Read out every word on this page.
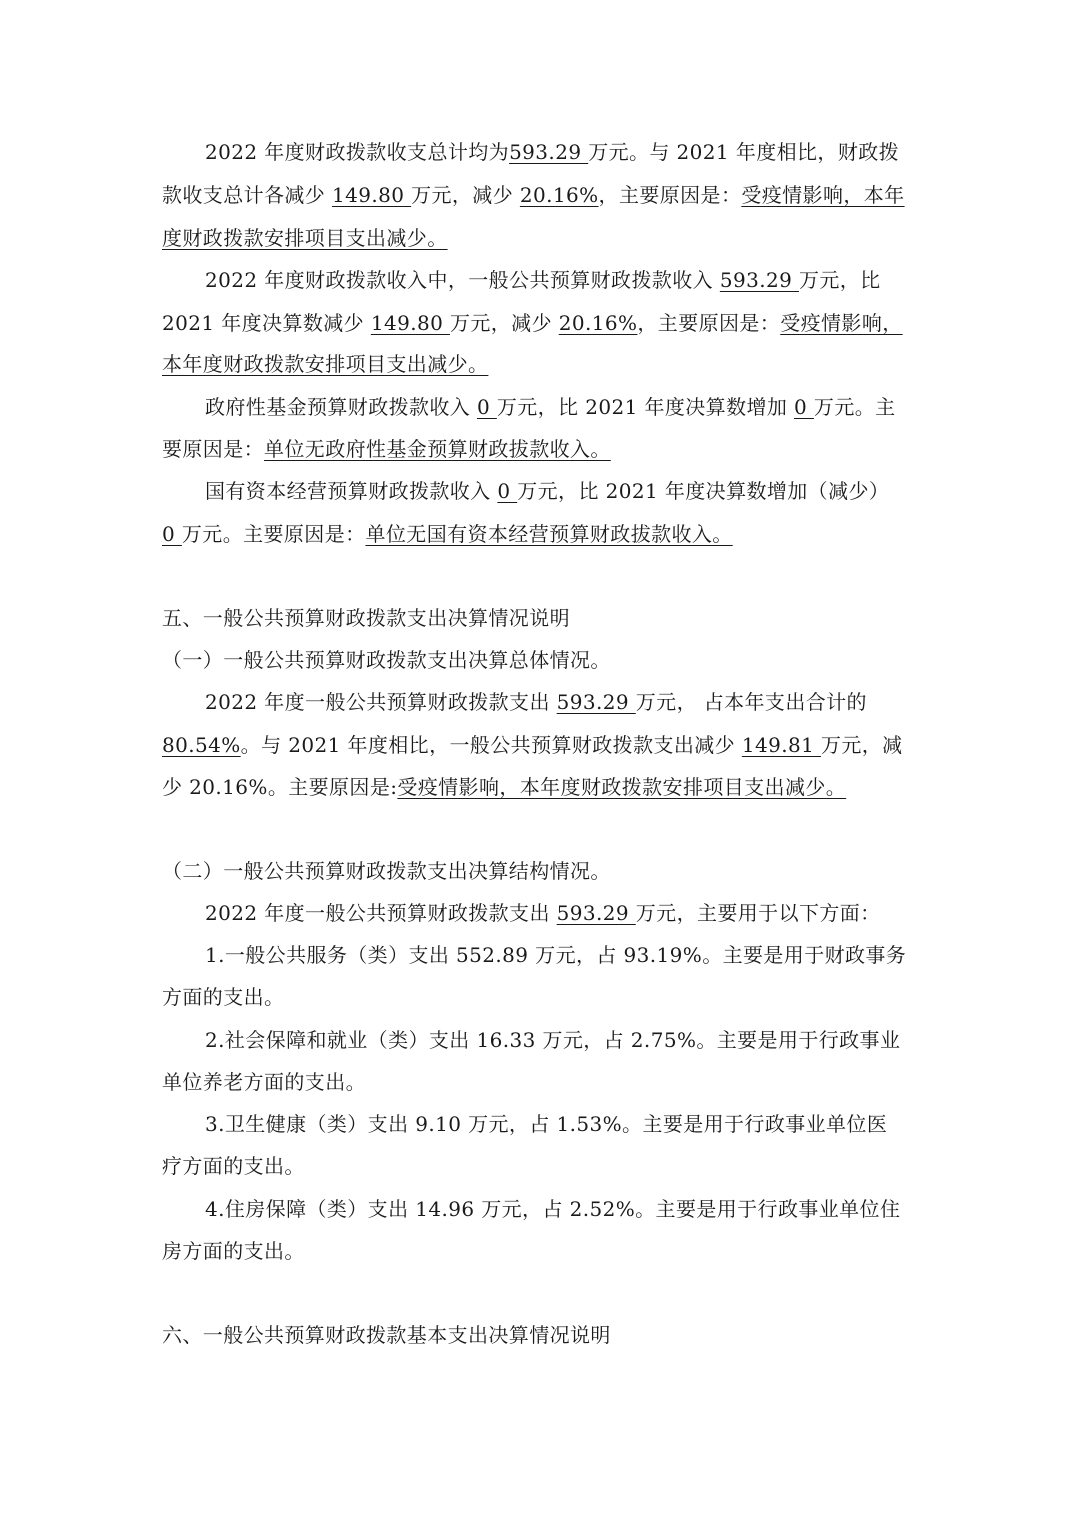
2022 年度财政拨款收支总计均为593.29 万元。与 2021 年度相比，财政拨
款收支总计各减少 149.80 万元，减少 20.16%，主要原因是：受疫情影响，本年
度财政拨款安排项目支出减少。
2022 年度财政拨款收入中，一般公共预算财政拨款收入 593.29 万元，比
2021 年度决算数减少 149.80 万元，减少 20.16%，主要原因是：受疫情影响，
本年度财政拨款安排项目支出减少。
政府性基金预算财政拨款收入 0 万元，比 2021 年度决算数增加 0 万元。主
要原因是：单位无政府性基金预算财政拔款收入。
国有资本经营预算财政拨款收入 0 万元，比 2021 年度决算数增加（减少）
0 万元。主要原因是：单位无国有资本经营预算财政拔款收入。
五、一般公共预算财政拨款支出决算情况说明
（一）一般公共预算财政拨款支出决算总体情况。
2022 年度一般公共预算财政拨款支出 593.29 万元， 占本年支出合计的
80.54%。与 2021 年度相比，一般公共预算财政拨款支出减少 149.81 万元，减
少 20.16%。主要原因是:受疫情影响，本年度财政拨款安排项目支出减少。
（二）一般公共预算财政拨款支出决算结构情况。
2022 年度一般公共预算财政拨款支出 593.29 万元，主要用于以下方面：
1.一般公共服务（类）支出 552.89 万元，占 93.19%。主要是用于财政事务
方面的支出。
2.社会保障和就业（类）支出 16.33 万元，占 2.75%。主要是用于行政事业
单位养老方面的支出。
3.卫生健康（类）支出 9.10 万元，占 1.53%。主要是用于行政事业单位医
疗方面的支出。
4.住房保障（类）支出 14.96 万元，占 2.52%。主要是用于行政事业单位住
房方面的支出。
六、一般公共预算财政拨款基本支出决算情况说明
